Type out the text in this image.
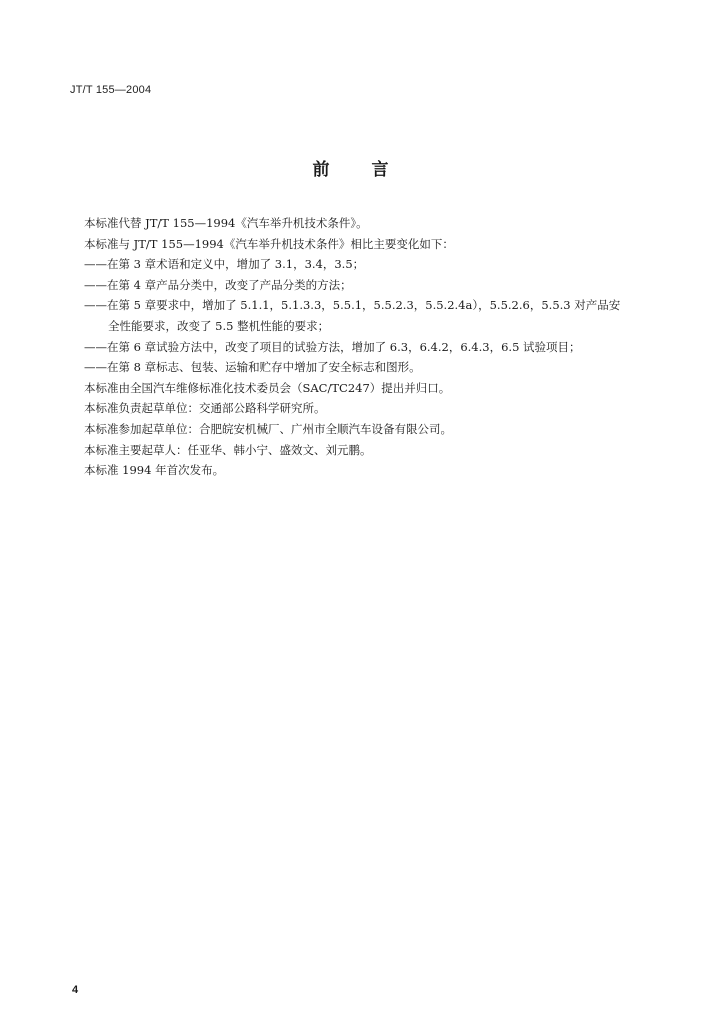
JT/T 155—2004
前 言

本标准代替 JT/T 155—1994《汽车举升机技术条件》。

本标准与 JT/T 155—1994《汽车举升机技术条件》相比主要变化如下：

——在第 3 章术语和定义中，增加了 3.1，3.4，3.5；

——在第 4 章产品分类中，改变了产品分类的方法；

——在第 5 章要求中，增加了 5.1.1，5.1.3.3，5.5.1，5.5.2.3，5.5.2.4a），5.5.2.6，5.5.3 对产品安
全性能要求，改变了 5.5 整机性能的要求；

——在第 6 章试验方法中，改变了项目的试验方法，增加了 6.3，6.4.2，6.4.3，6.5 试验项目；

——在第 8 章标志、包装、运输和贮存中增加了安全标志和图形。

本标准由全国汽车维修标准化技术委员会（SAC/TC247）提出并归口。

本标准负责起草单位：交通部公路科学研究所。

本标准参加起草单位：合肥皖安机械厂、广州市全顺汽车设备有限公司。

本标准主要起草人：任亚华、韩小宁、盛效文、刘元鹏。

本标准 1994 年首次发布。

4
